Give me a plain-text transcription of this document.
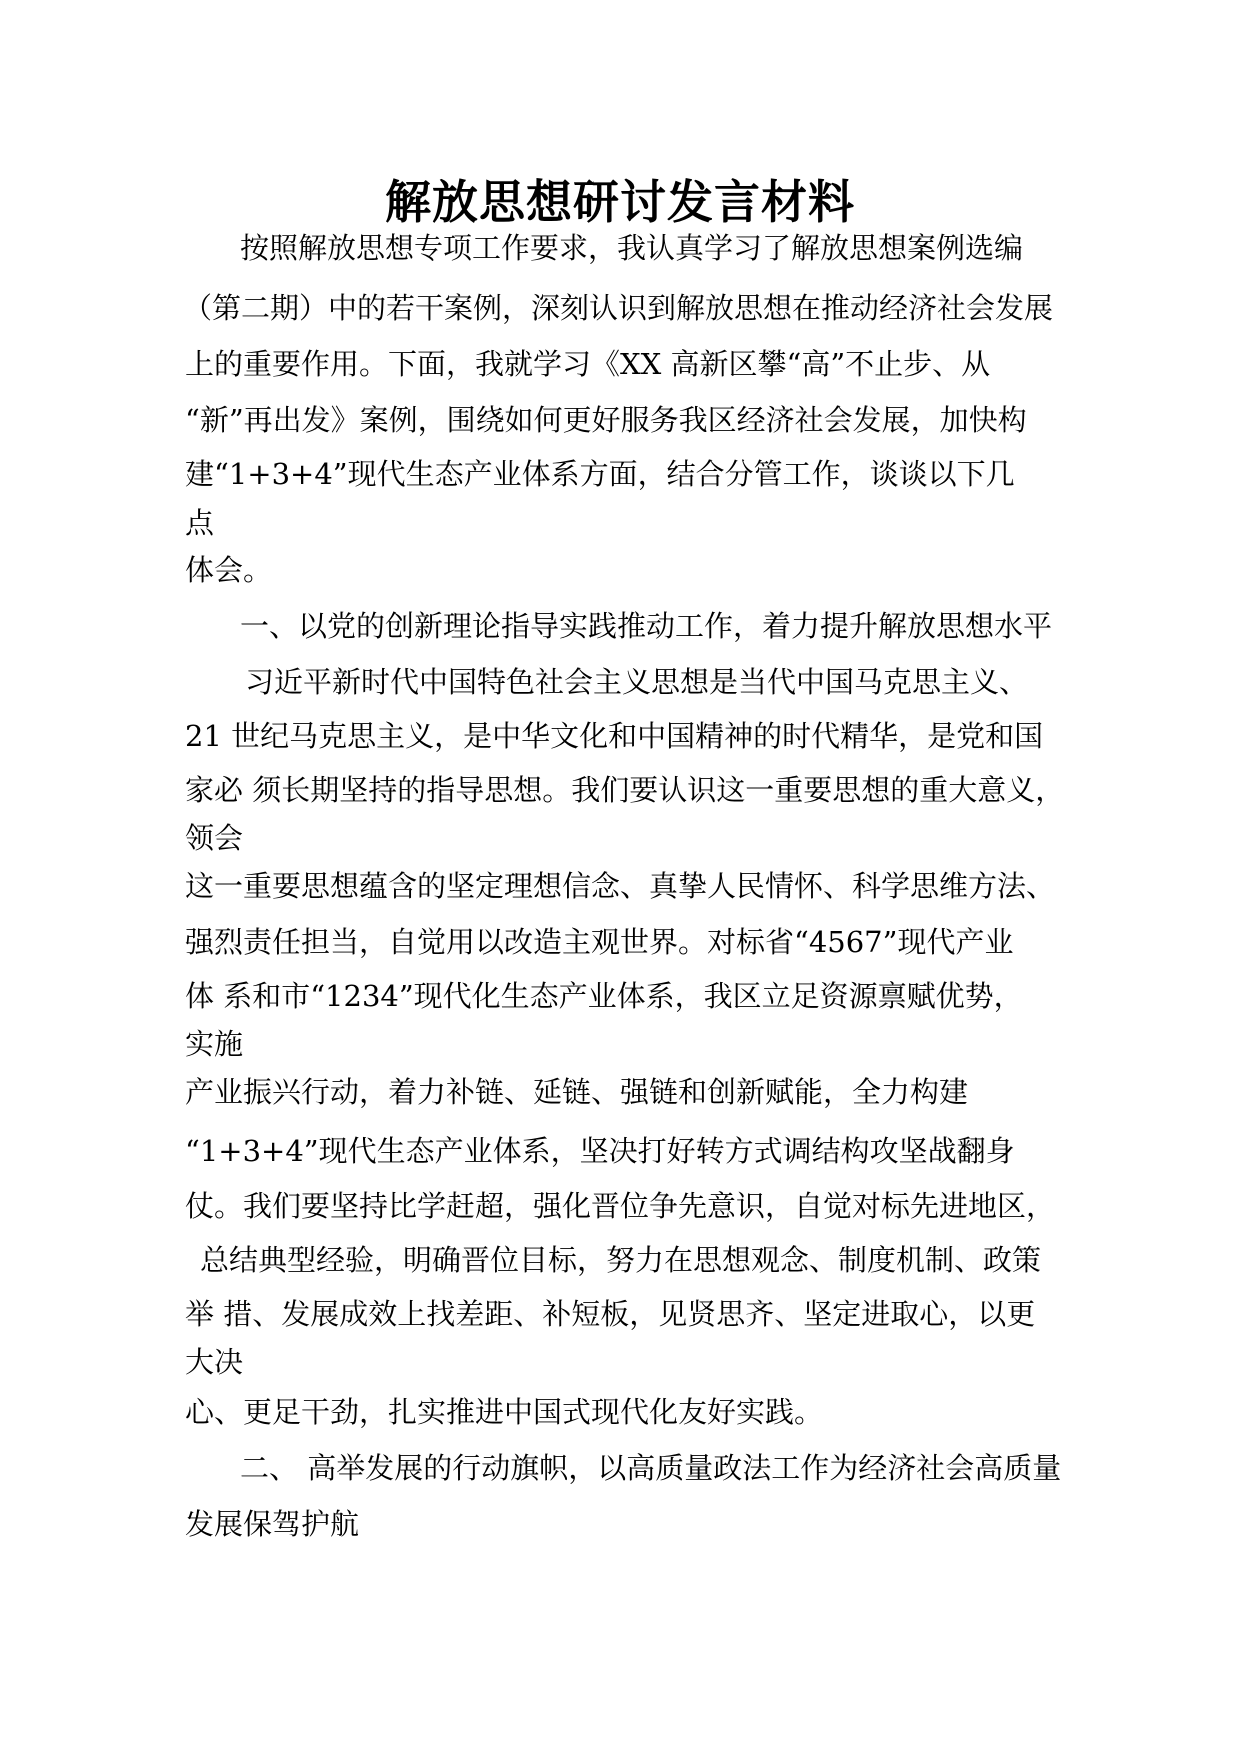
解放思想研讨发言材料
按照解放思想专项工作要求，我认真学习了解放思想案例选编
（第二期）中的若干案例，深刻认识到解放思想在推动经济社会发展
上的重要作用。下面，我就学习《XX 高新区攀“高”不止步、从
“新”再出发》案例，围绕如何更好服务我区经济社会发展，加快构
建“1+3+4”现代生态产业体系方面，结合分管工作，谈谈以下几
点
体会。
一、以党的创新理论指导实践推动工作，着力提升解放思想水平
习近平新时代中国特色社会主义思想是当代中国马克思主义、
21 世纪马克思主义，是中华文化和中国精神的时代精华，是党和国
家必 须长期坚持的指导思想。我们要认识这一重要思想的重大意义，
领会
这一重要思想蕴含的坚定理想信念、真挚人民情怀、科学思维方法、
强烈责任担当，自觉用以改造主观世界。对标省“4567”现代产业
体 系和市“1234”现代化生态产业体系，我区立足资源禀赋优势，
实施
产业振兴行动，着力补链、延链、强链和创新赋能，全力构建
“1+3+4”现代生态产业体系，坚决打好转方式调结构攻坚战翻身
仗。我们要坚持比学赶超，强化晋位争先意识，自觉对标先进地区，
总结典型经验，明确晋位目标，努力在思想观念、制度机制、政策
举 措、发展成效上找差距、补短板，见贤思齐、坚定进取心，以更
大决
心、更足干劲，扎实推进中国式现代化友好实践。
二、 高举发展的行动旗帜，以高质量政法工作为经济社会高质量
发展保驾护航
